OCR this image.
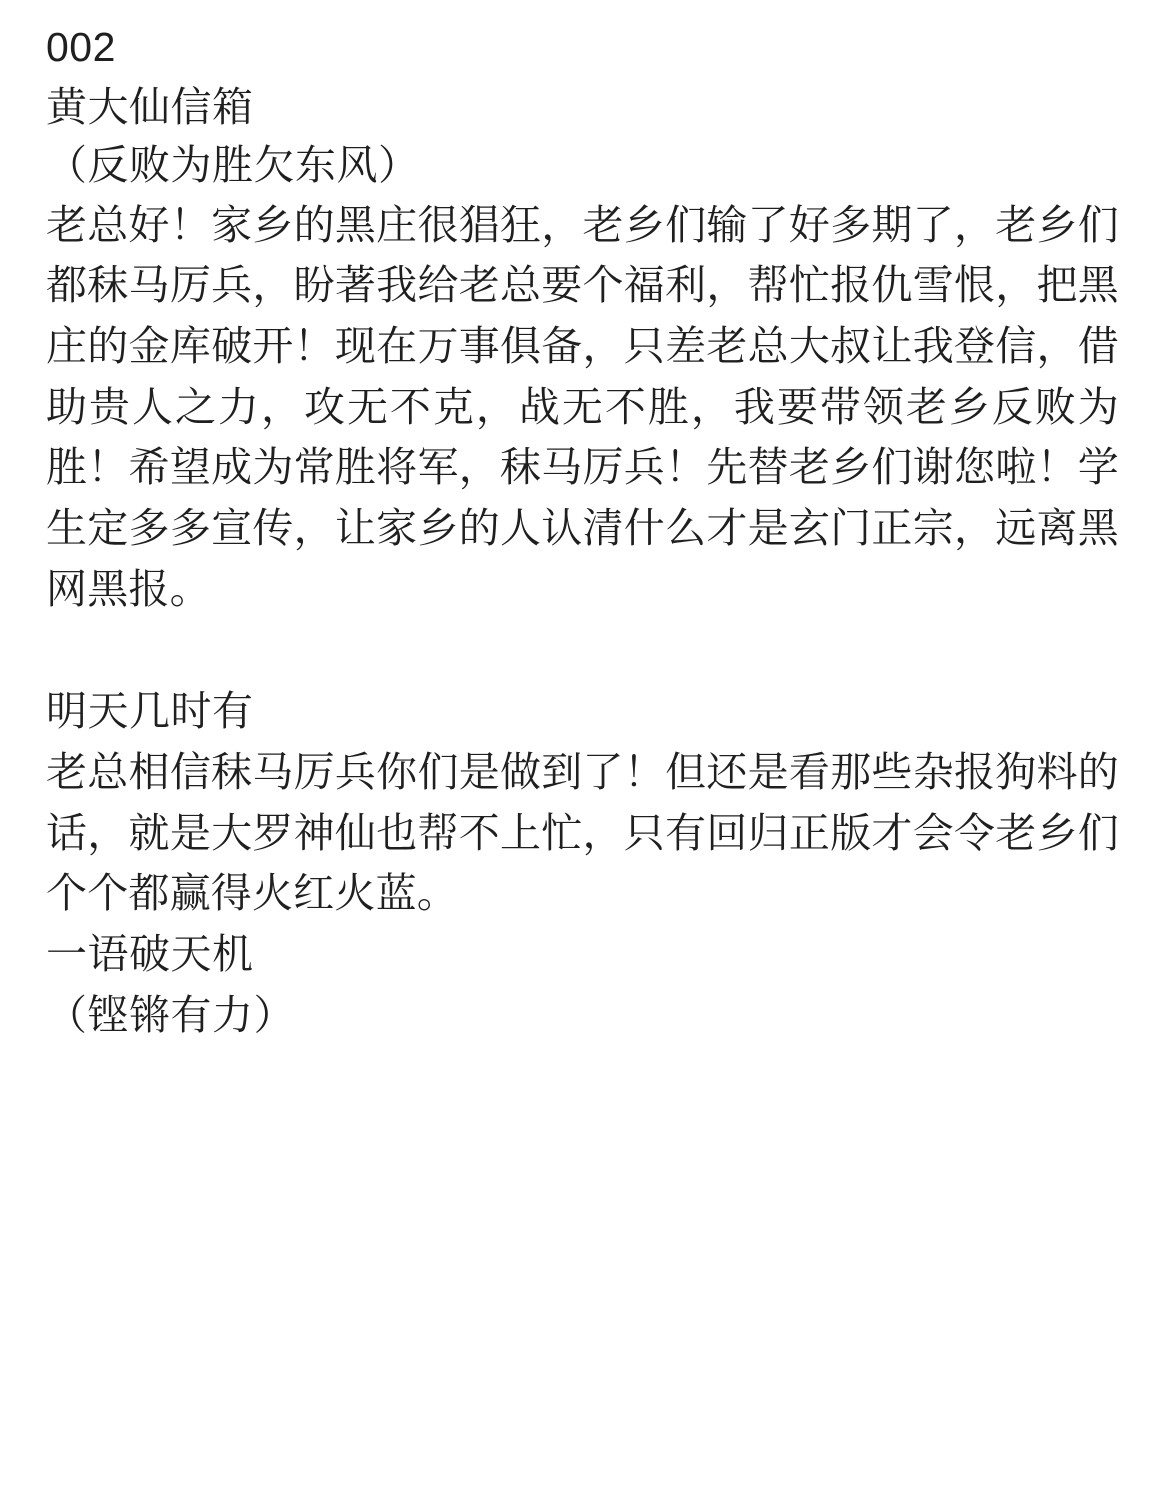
002

黄大仙信箱

（反败为胜欠东风）

老总好！家乡的黑庄很猖狂，老乡们输了好多期了，老乡们都秣马厉兵，盼著我给老总要个福利，帮忙报仇雪恨，把黑庄的金库破开！现在万事俱备，只差老总大叔让我登信，借助贵人之力，攻无不克，战无不胜，我要带领老乡反败为胜！希望成为常胜将军，秣马厉兵！先替老乡们谢您啦！学生定多多宣传，让家乡的人认清什么才是玄门正宗，远离黑网黑报。

明天几时有

老总相信秣马厉兵你们是做到了！但还是看那些杂报狗料的话，就是大罗神仙也帮不上忙，只有回归正版才会令老乡们个个都赢得火红火蓝。

一语破天机

（铿锵有力）
